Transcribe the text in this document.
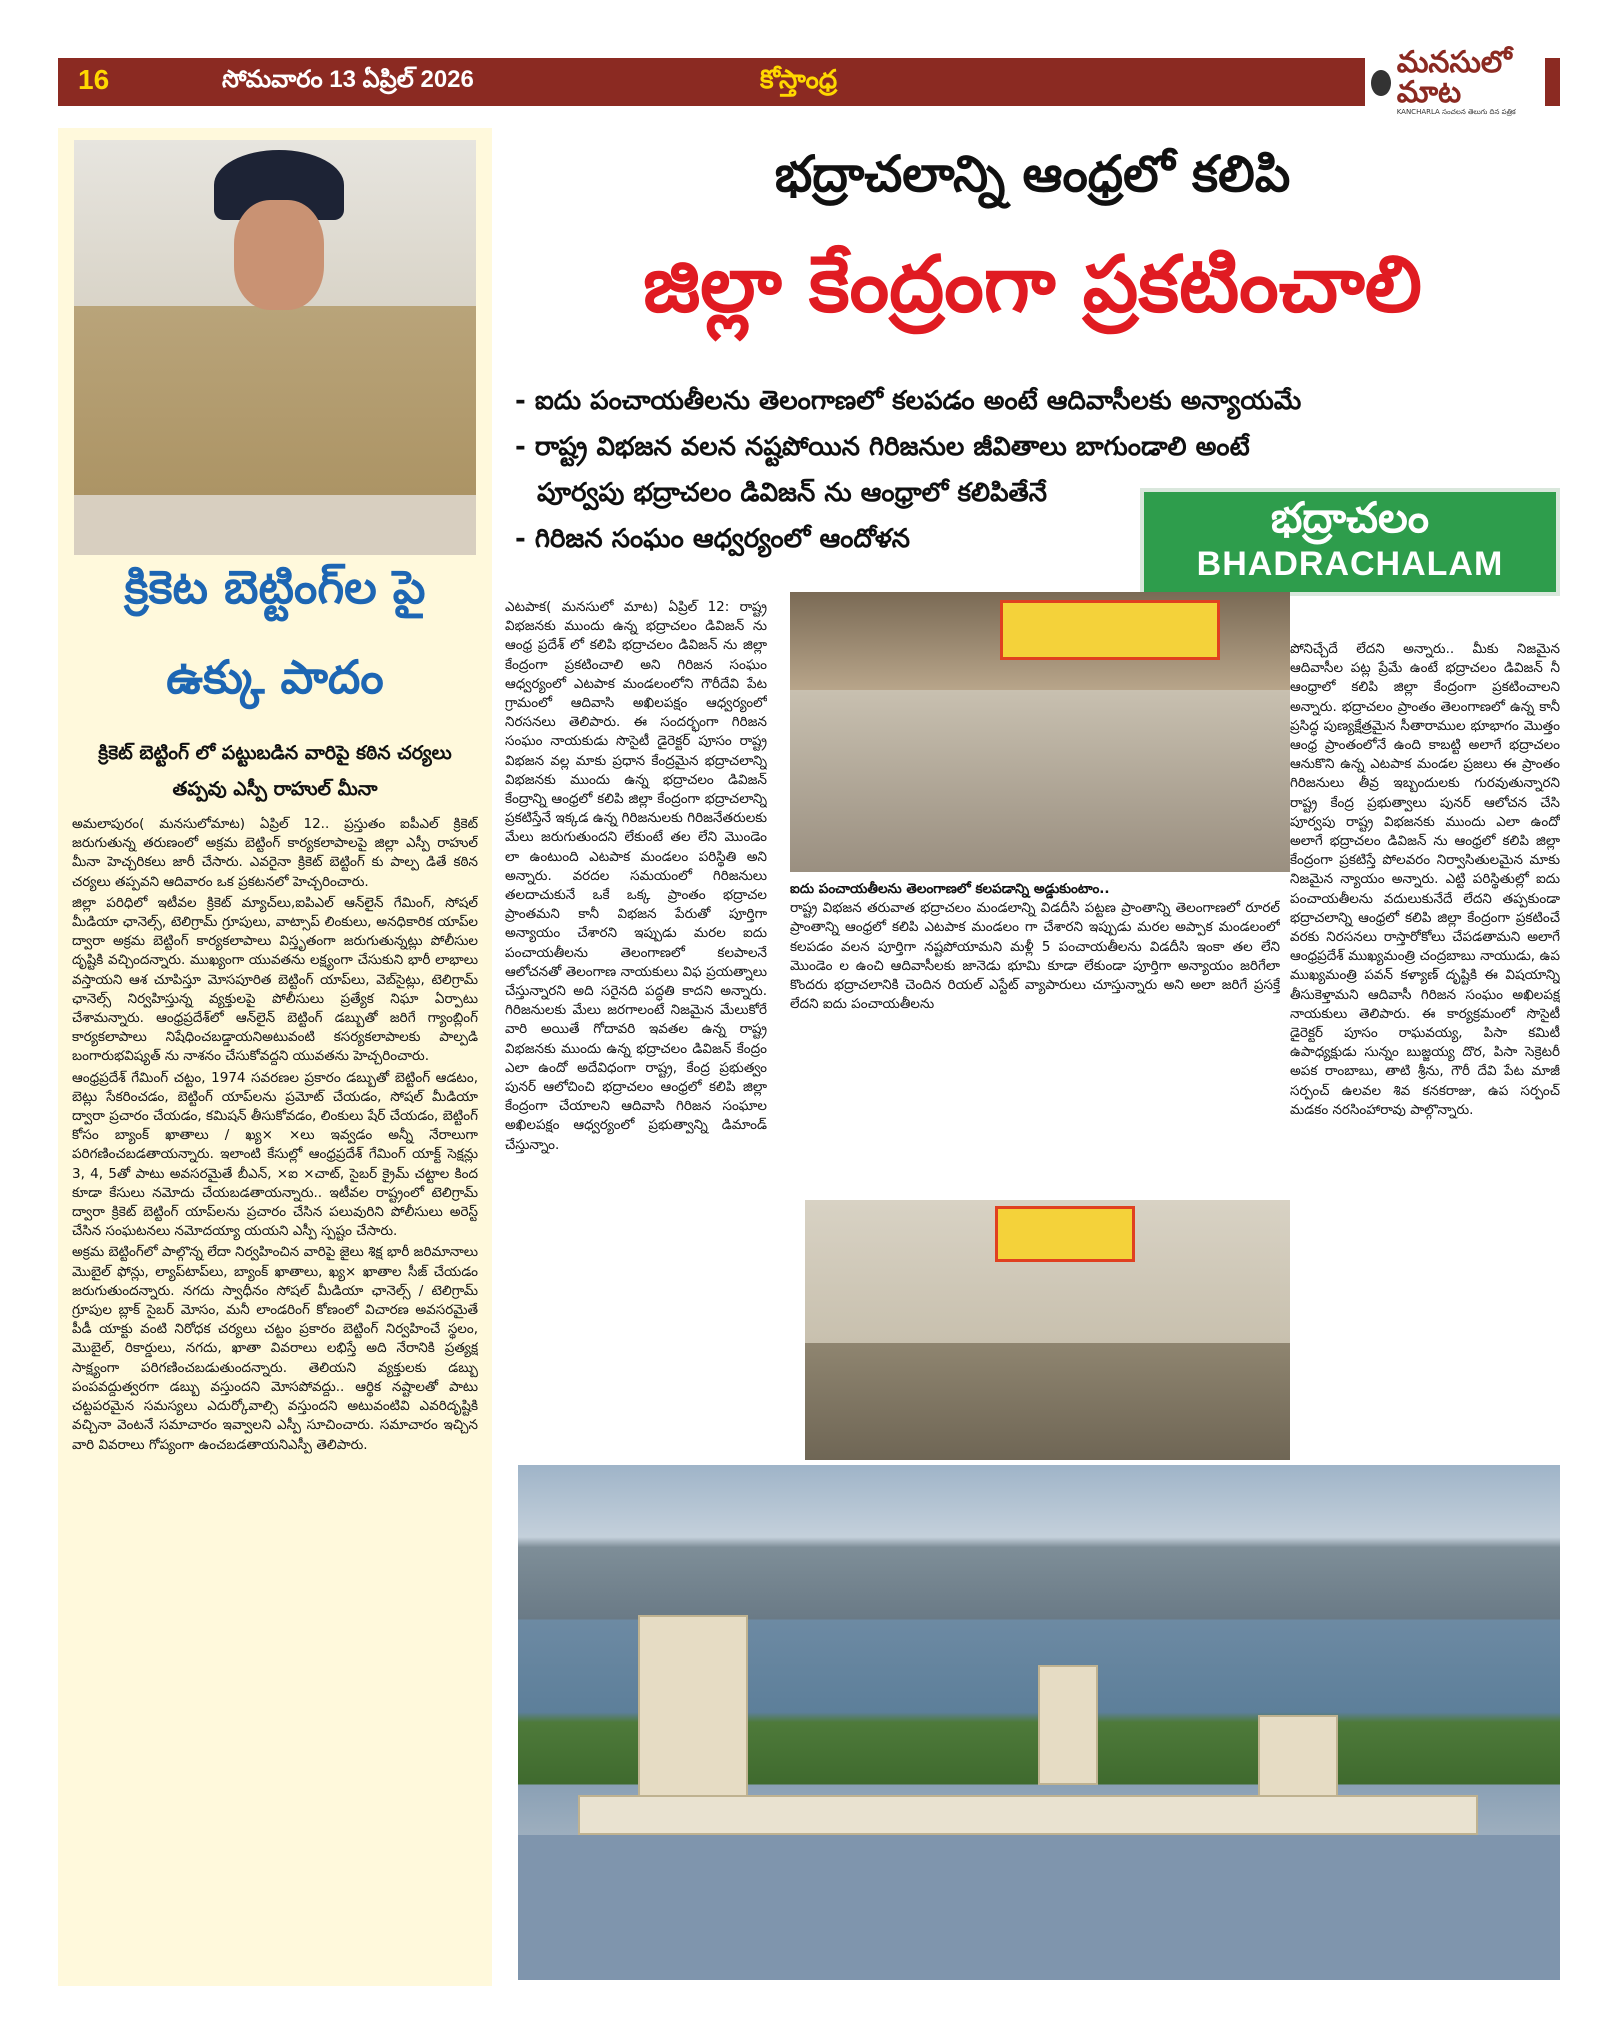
16	సోమవారం 13 ఏప్రిల్ 2026	కోస్తాంధ్ర	మనసులో మాట
KANCHARLA సంచలన తెలుగు దిన పత్రిక
క్రికెట బెట్టింగ్‌ల పై
ఉక్కు పాదం
క్రికెట్ బెట్టింగ్ లో పట్టుబడిన వారిపై కఠిన చర్యలు తప్పవు ఎస్పీ రాహుల్ మీనా

అమలాపురం( మనసులోమాట) ఏప్రిల్ 12.. ప్రస్తుతం ఐపీఎల్ క్రికెట్ జరుగుతున్న తరుణంలో అక్రమ బెట్టింగ్ కార్యకలాపాలపై జిల్లా ఎస్పీ రాహుల్ మీనా హెచ్చరికలు జారీ చేసారు. ఎవరైనా క్రికెట్ బెట్టింగ్ కు పాల్ప డితే కఠిన చర్యలు తప్పవని ఆదివారం ఒక ప్రకటనలో హెచ్చరించారు.

జిల్లా పరిధిలో ఇటీవల క్రికెట్ మ్యాచ్‌లు,ఐపిఎల్ ఆన్‌లైన్ గేమింగ్, సోషల్ మీడియా ఛానెల్స్, టెలిగ్రామ్ గ్రూపులు, వాట్సాప్ లింకులు, అనధికారిక యాప్‌ల ద్వారా అక్రమ బెట్టింగ్ కార్యకలాపాలు విస్తృతంగా జరుగుతున్నట్లు పోలీసుల దృష్టికి వచ్చిందన్నారు. ముఖ్యంగా యువతను లక్ష్యంగా చేసుకుని భారీ లాభాలు వస్తాయని ఆశ చూపిస్తూ మోసపూరిత బెట్టింగ్ యాప్‌లు, వెబ్‌సైట్లు, టెలిగ్రామ్ ఛానెల్స్ నిర్వహిస్తున్న వ్యక్తులపై పోలీసులు ప్రత్యేక నిఘా ఏర్పాటు చేశామన్నారు. ఆంధ్రప్రదేశ్‌లో ఆన్‌లైన్ బెట్టింగ్ డబ్బుతో జరిగే గ్యాంబ్లింగ్ కార్యకలాపాలు నిషేధించబడ్డాయనిఅటువంటి కసర్యకలాపాలకు పాల్పడి బంగారుభవిష్యత్ ను నాశనం చేసుకోవద్దని యువతను హెచ్చరించారు.

ఆంధ్రప్రదేశ్ గేమింగ్ చట్టం, 1974 సవరణల ప్రకారం డబ్బుతో బెట్టింగ్ ఆడటం, బెట్లు సేకరించడం, బెట్టింగ్ యాప్‌లను ప్రమోట్ చేయడం, సోషల్ మీడియా ద్వారా ప్రచారం చేయడం, కమిషన్ తీసుకోవడం, లింకులు షేర్ చేయడం, బెట్టింగ్ కోసం బ్యాంక్ ఖాతాలు / ఖ్య× ×లు ఇవ్వడం అన్నీ నేరాలుగా పరిగణించబడతాయన్నారు. ఇలాంటి కేసుల్లో ఆంధ్రప్రదేశ్ గేమింగ్ యాక్ట్ సెక్షన్లు 3, 4, 5తో పాటు అవసరమైతే బీఎన్, ×ఐ ×చాట్, సైబర్ క్రైమ్ చట్టాల కింద కూడా కేసులు నమోదు చేయబడతాయన్నారు.. ఇటీవల రాష్ట్రంలో టెలిగ్రామ్ ద్వారా క్రికెట్ బెట్టింగ్ యాప్‌లను ప్రచారం చేసిన పలువురిని పోలీసులు అరెస్ట్ చేసిన సంఘటనలు నమోదయ్యా యయని ఎస్పీ స్పష్టం చేసారు.

అక్రమ బెట్టింగ్‌లో పాల్గొన్న లేదా నిర్వహించిన వారిపై జైలు శిక్ష భారీ జరిమానాలు మొబైల్ ఫోన్లు, ల్యాప్‌టాప్‌లు, బ్యాంక్ ఖాతాలు, ఖ్య× ఖాతాల సీజ్ చేయడం జరుగుతుందన్నారు. నగదు స్వాధీనం సోషల్ మీడియా ఛానెల్స్ / టెలిగ్రామ్ గ్రూపుల బ్లాక్ సైబర్ మోసం, మనీ లాండరింగ్ కోణంలో విచారణ అవసరమైతే పీడీ యాక్టు వంటి నిరోధక చర్యలు చట్టం ప్రకారం బెట్టింగ్ నిర్వహించే స్థలం, మొబైల్, రికార్డులు, నగదు, ఖాతా వివరాలు లభిస్తే అది నేరానికి ప్రత్యక్ష సాక్ష్యంగా పరిగణించబడుతుందన్నారు. తెలియని వ్యక్తులకు డబ్బు పంపవద్దుత్వరగా డబ్బు వస్తుందని మోసపోవద్దు.. ఆర్థిక నష్టాలతో పాటు చట్టపరమైన సమస్యలు ఎదుర్కోవాల్సి వస్తుందని అటువంటివి ఎవరిదృష్టికి వచ్చినా వెంటనే సమాచారం ఇవ్వాలని ఎస్పీ సూచించారు. సమాచారం ఇచ్చిన వారి వివరాలు గోప్యంగా ఉంచబడతాయనిఎస్పీ తెలిపారు.

భద్రాచలాన్ని ఆంధ్రలో కలిపి
జిల్లా కేంద్రంగా ప్రకటించాలి
- ఐదు పంచాయతీలను తెలంగాణలో కలపడం అంటే ఆదివాసీలకు అన్యాయమే
- రాష్ట్ర విభజన వలన నష్టపోయిన గిరిజనుల జీవితాలు బాగుండాలి అంటే
పూర్వపు భద్రాచలం డివిజన్ ను ఆంధ్రాలో కలిపితేనే
- గిరిజన సంఘం ఆధ్వర్యంలో ఆందోళన	భద్రాచలం
BHADRACHALAM
ఎటపాక( మనసులో మాట) ఏప్రిల్ 12: రాష్ట్ర విభజనకు ముందు ఉన్న భద్రాచలం డివిజన్ ను ఆంధ్ర ప్రదేశ్ లో కలిపి భద్రాచలం డివిజన్ ను జిల్లా కేంద్రంగా ప్రకటించాలి అని గిరిజన సంఘం ఆధ్వర్యంలో ఎటపాక మండలంలోని గౌరీదేవి పేట గ్రామంలో ఆదివాసి అఖిలపక్షం ఆధ్వర్యంలో నిరసనలు తెలిపారు. ఈ సందర్భంగా గిరిజన సంఘం నాయకుడు సొసైటీ డైరెక్టర్ పూసం రాష్ట్ర విభజన వల్ల మాకు ప్రధాన కేంద్రమైన భద్రాచలాన్ని విభజనకు ముందు ఉన్న భద్రాచలం డివిజన్ కేంద్రాన్ని ఆంధ్రలో కలిపి జిల్లా కేంద్రంగా భద్రాచలాన్ని ప్రకటిస్తేనే ఇక్కడ ఉన్న గిరిజనులకు గిరిజనేతరులకు మేలు జరుగుతుందని లేకుంటే తల లేని మొండెం లా ఉంటుంది ఎటపాక మండలం పరిస్థితి అని అన్నారు. వరదల సమయంలో గిరిజనులు తలదాచుకునే ఒకే ఒక్క ప్రాంతం భద్రాచల ప్రాంతమని కానీ విభజన పేరుతో పూర్తిగా అన్యాయం చేశారని ఇప్పుడు మరల ఐదు పంచాయతీలను తెలంగాణలో కలపాలనే ఆలోచనతో తెలంగాణ నాయకులు విఫ ప్రయత్నాలు చేస్తున్నారని అది సరైనది పద్ధతి కాదని అన్నారు. గిరిజనులకు మేలు జరగాలంటే నిజమైన మేలుకోరే వారి అయితే గోదావరి ఇవతల ఉన్న రాష్ట్ర విభజనకు ముందు ఉన్న భద్రాచలం డివిజన్ కేంద్రం ఎలా ఉందో అదేవిధంగా రాష్ట్ర, కేంద్ర ప్రభుత్వం పునర్ ఆలోచించి భద్రాచలం ఆంధ్రలో కలిపి జిల్లా కేంద్రంగా చేయాలని ఆదివాసి గిరిజన సంఘాల అఖిలపక్షం ఆధ్వర్యంలో ప్రభుత్వాన్ని డిమాండ్ చేస్తున్నాం.
ఐదు పంచాయతీలను తెలంగాణలో కలపడాన్ని అడ్డుకుంటాం..
రాష్ట్ర విభజన తరువాత భద్రాచలం మండలాన్ని విడదీసి పట్టణ ప్రాంతాన్ని తెలంగాణలో రూరల్ ప్రాంతాన్ని ఆంధ్రలో కలిపి ఎటపాక మండలం గా చేశారని ఇప్పుడు మరల అప్పాక మండలంలో కలపడం వలన పూర్తిగా నష్టపోయామని మళ్లీ 5 పంచాయతీలను విడదీసి ఇంకా తల లేని మొండెం ల ఉంచి ఆదివాసీలకు జానెడు భూమి కూడా లేకుండా పూర్తిగా అన్యాయం జరిగేలా కొందరు భద్రాచలానికి చెందిన రియల్ ఎస్టేట్ వ్యాపారులు చూస్తున్నారు అని అలా జరిగే ప్రసక్తే లేదని ఐదు పంచాయతీలను
పోనిచ్చేదే లేదని అన్నారు.. మీకు నిజమైన ఆదివాసీల పట్ల ప్రేమే ఉంటే భద్రాచలం డివిజన్ నీ ఆంధ్రాలో కలిపి జిల్లా కేంద్రంగా ప్రకటించాలని అన్నారు. భద్రాచలం ప్రాంతం తెలంగాణలో ఉన్న కానీ ప్రసిద్ధ పుణ్యక్షేత్రమైన సీతారాముల భూభాగం మొత్తం ఆంధ్ర ప్రాంతంలోనే ఉంది కాబట్టి అలాగే భద్రాచలం ఆనుకొని ఉన్న ఎటపాక మండల ప్రజలు ఈ ప్రాంతం గిరిజనులు తీవ్ర ఇబ్బందులకు గురవుతున్నారని రాష్ట్ర కేంద్ర ప్రభుత్వాలు పునర్ ఆలోచన చేసి పూర్వపు రాష్ట్ర విభజనకు ముందు ఎలా ఉందో అలాగే భద్రాచలం డివిజన్ ను ఆంధ్రలో కలిపి జిల్లా కేంద్రంగా ప్రకటిస్తే పోలవరం నిర్వాసితులమైన మాకు నిజమైన న్యాయం అన్నారు. ఎట్టి పరిస్థితుల్లో ఐదు పంచాయతీలను వదులుకునేదే లేదని తప్పకుండా భద్రాచలాన్ని ఆంధ్రలో కలిపి జిల్లా కేంద్రంగా ప్రకటించే వరకు నిరసనలు రాస్తారోకోలు చేపడతామని అలాగే ఆంధ్రప్రదేశ్ ముఖ్యమంత్రి చంద్రబాబు నాయుడు, ఉప ముఖ్యమంత్రి పవన్ కళ్యాణ్ దృష్టికి ఈ విషయాన్ని తీసుకెళ్తామని ఆదివాసీ గిరిజన సంఘం అఖిలపక్ష నాయకులు తెలిపారు. ఈ కార్యక్రమంలో సొసైటీ డైరెక్టర్ పూసం రాఘవయ్య, పిసా కమిటీ ఉపాధ్యక్షుడు సున్నం బుజ్జయ్య దొర, పిసా సెక్రెటరీ అపక రాంబాబు, తాటి శ్రీను, గౌరీ దేవి పేట మాజీ సర్పంచ్ ఉలవల శివ కనకరాజు, ఉప సర్పంచ్ మడకం నరసింహారావు పాల్గొన్నారు.
